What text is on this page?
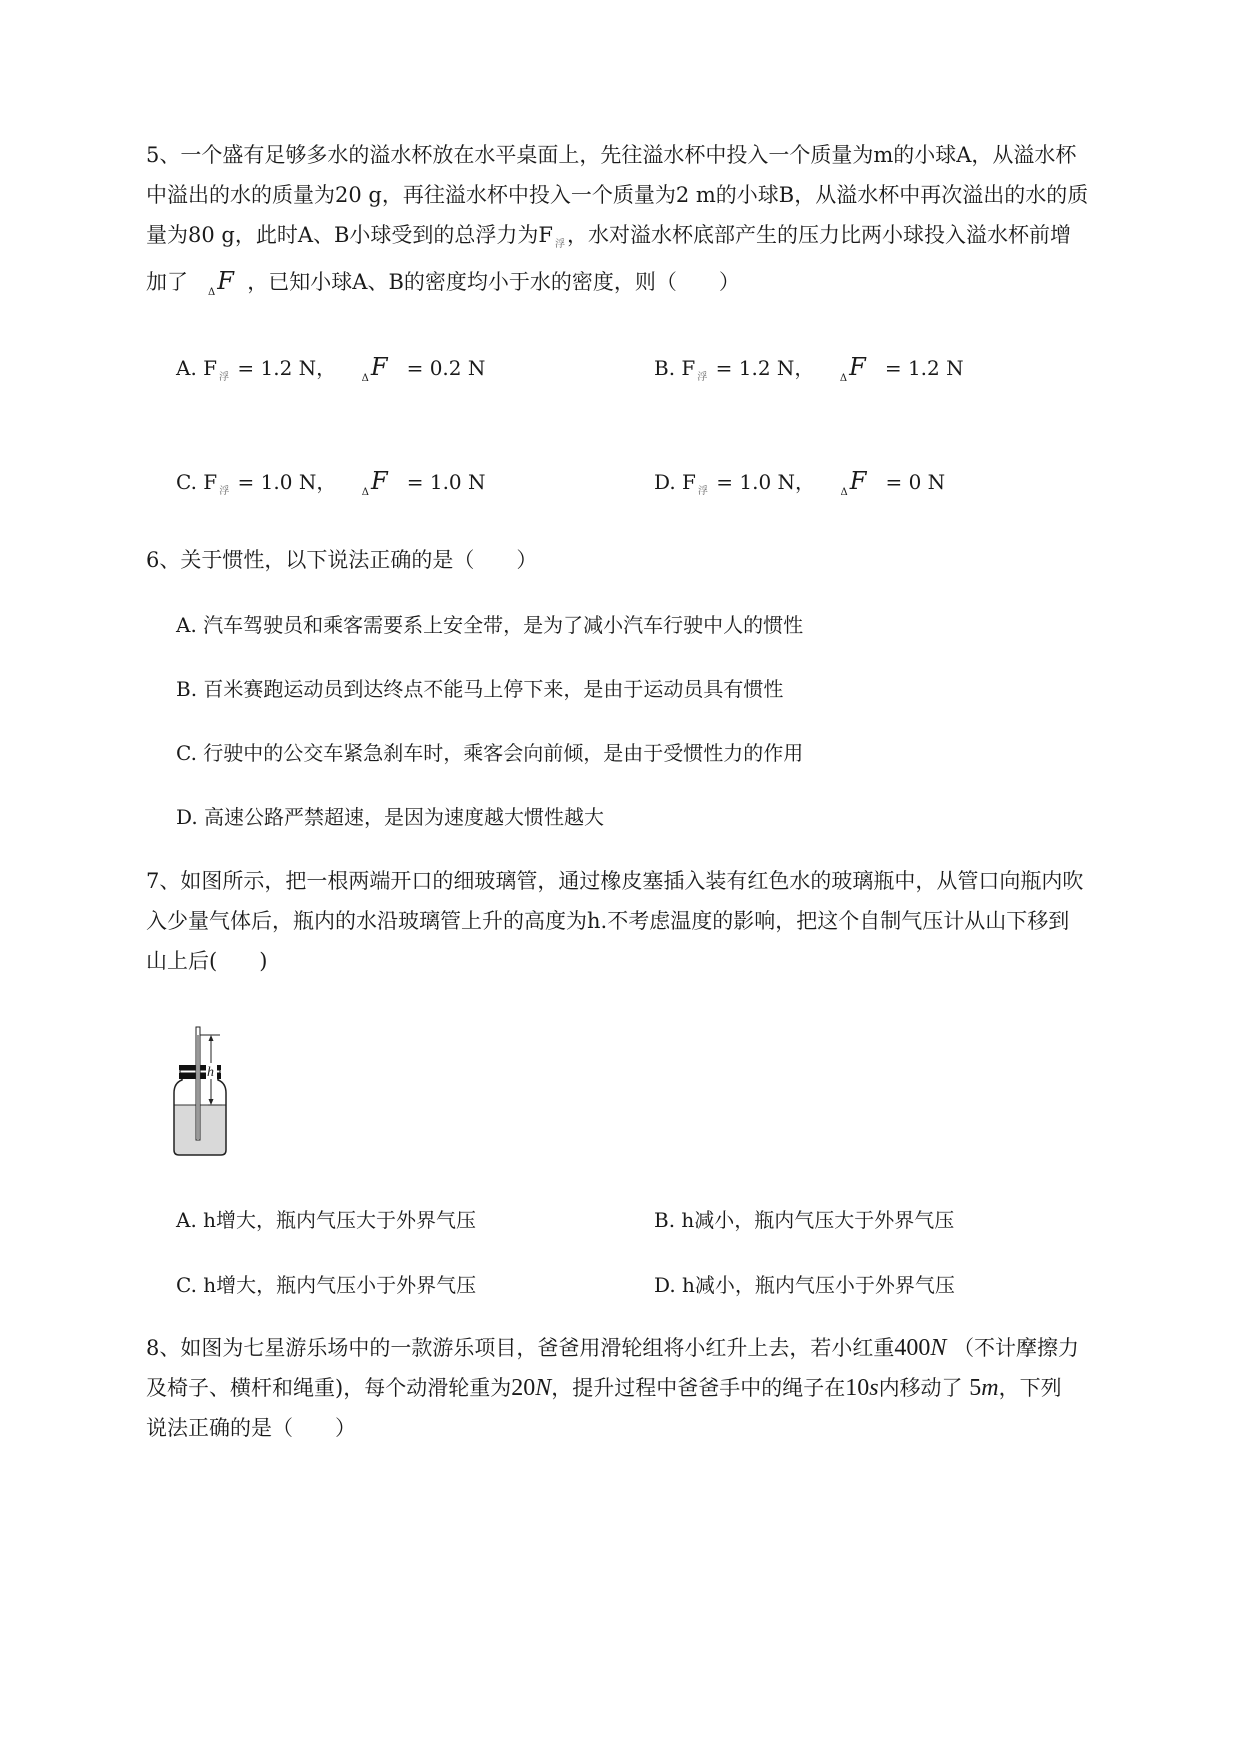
5、一个盛有足够多水的溢水杯放在水平桌面上，先往溢水杯中投入一个质量为m的小球A，从溢水杯
中溢出的水的质量为20 g，再往溢水杯中投入一个质量为2 m的小球B，从溢水杯中再次溢出的水的质
量为80 g，此时A、B小球受到的总浮力为F $_浮$，水对溢水杯底部产生的压力比两小球投入溢水杯前增
加了 $_\Delta$F ，已知小球A、B的密度均小于水的密度，则（　　）
A. F $_浮$ = 1.2 N，	$_\Delta$F   = 0.2 N	B. F $_浮$ = 1.2 N，	$_\Delta$F   = 1.2 N
C. F $_浮$ = 1.0 N，	$_\Delta$F   = 1.0 N	D. F $_浮$ = 1.0 N，	$_\Delta$F   = 0 N
6、关于惯性，以下说法正确的是（　　）
A. 汽车驾驶员和乘客需要系上安全带，是为了减小汽车行驶中人的惯性
B. 百米赛跑运动员到达终点不能马上停下来，是由于运动员具有惯性
C. 行驶中的公交车紧急刹车时，乘客会向前倾，是由于受惯性力的作用
D. 高速公路严禁超速，是因为速度越大惯性越大
7、如图所示，把一根两端开口的细玻璃管，通过橡皮塞插入装有红色水的玻璃瓶中，从管口向瓶内吹
入少量气体后，瓶内的水沿玻璃管上升的高度为h.不考虑温度的影响，把这个自制气压计从山下移到
山上后(　　)
h
A. h增大，瓶内气压大于外界气压	B. h减小，瓶内气压大于外界气压
C. h增大，瓶内气压小于外界气压	D. h减小，瓶内气压小于外界气压
8、如图为七星游乐场中的一款游乐项目，爸爸用滑轮组将小红升上去，若小红重400N （不计摩擦力
及椅子、横杆和绳重)，每个动滑轮重为20N，提升过程中爸爸手中的绳子在10s内移动了 5m，下列
说法正确的是（　　）
